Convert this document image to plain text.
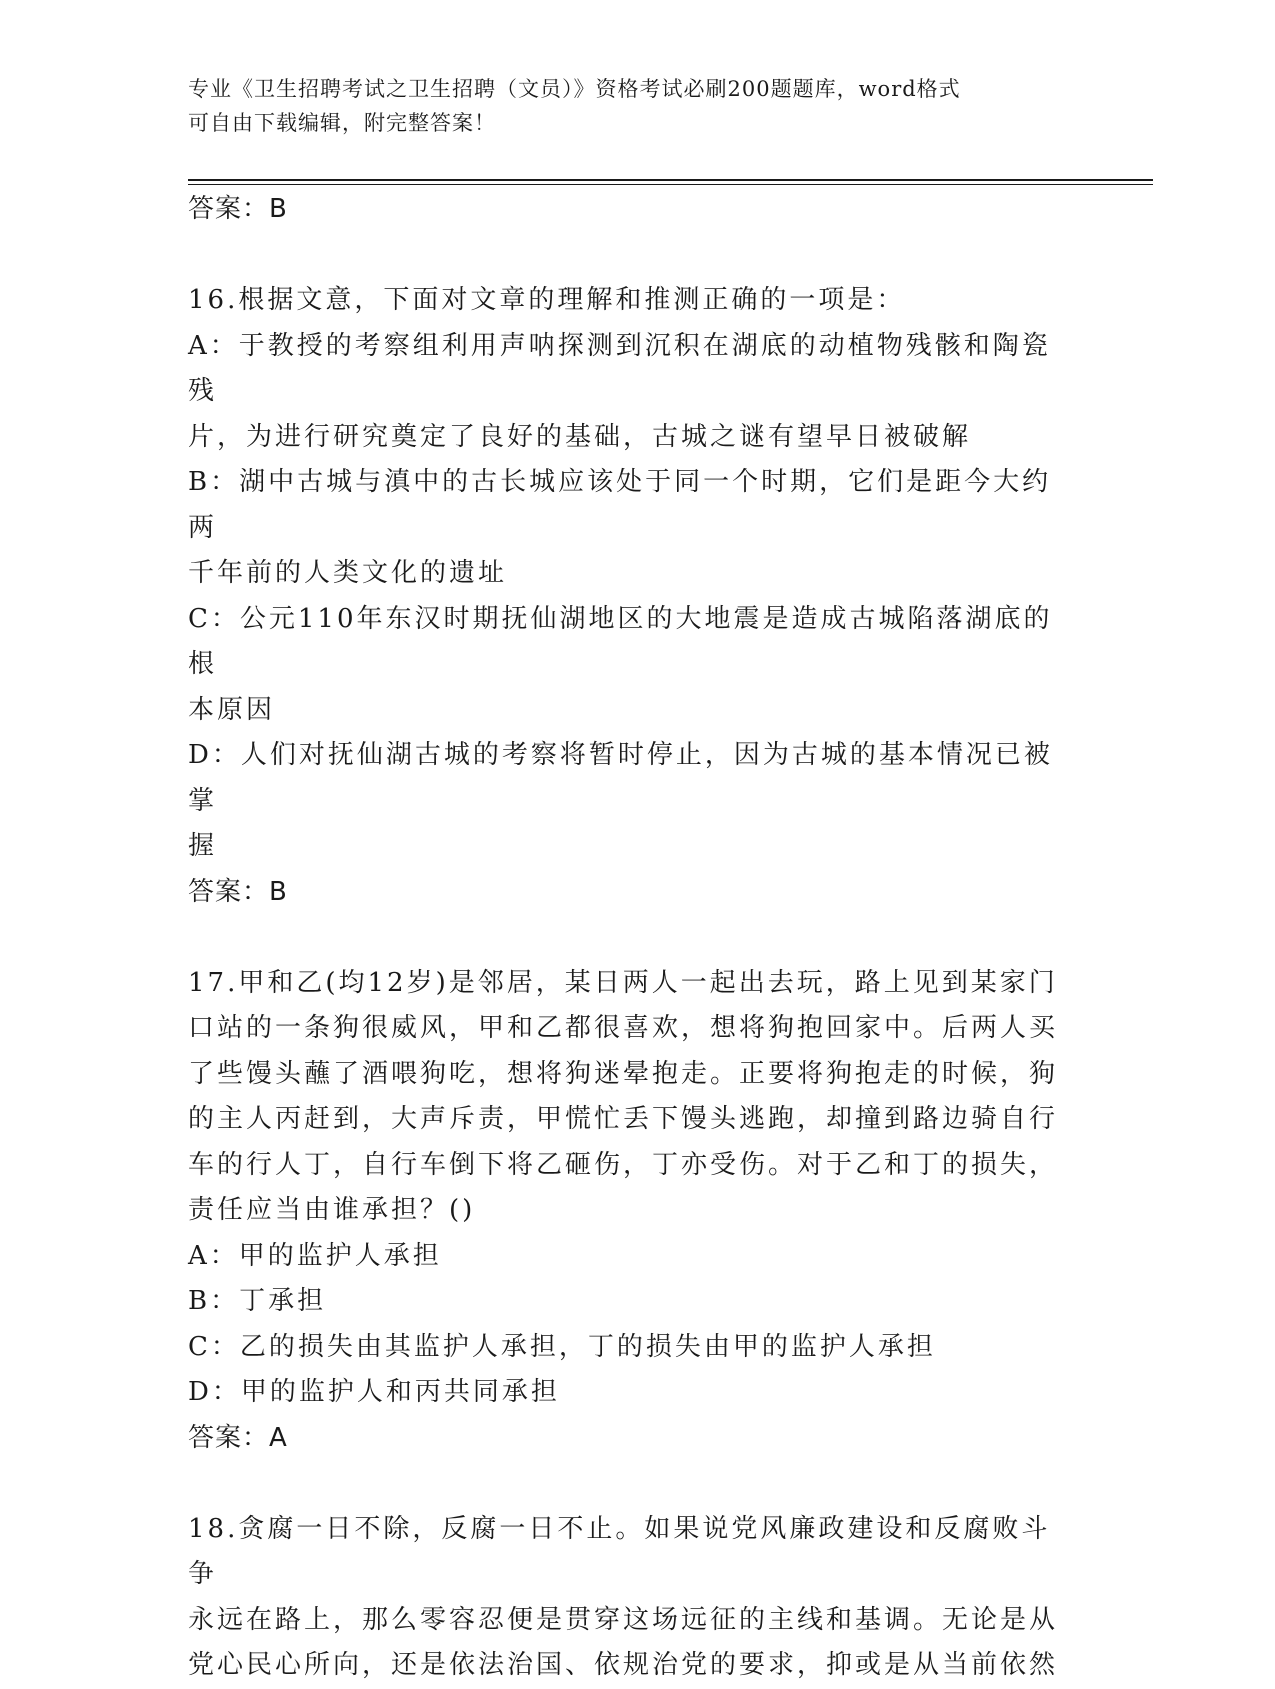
专业《卫生招聘考试之卫生招聘（文员）》资格考试必刷200题题库，word格式
可自由下载编辑，附完整答案！

答案：B

16.根据文意，下面对文章的理解和推测正确的一项是：

A：于教授的考察组利用声呐探测到沉积在湖底的动植物残骸和陶瓷残

片，为进行研究奠定了良好的基础，古城之谜有望早日被破解

B：湖中古城与滇中的古长城应该处于同一个时期，它们是距今大约两

千年前的人类文化的遗址

C：公元110年东汉时期抚仙湖地区的大地震是造成古城陷落湖底的根

本原因

D：人们对抚仙湖古城的考察将暂时停止，因为古城的基本情况已被掌

握

答案：B

17.甲和乙(均12岁)是邻居，某日两人一起出去玩，路上见到某家门

口站的一条狗很威风，甲和乙都很喜欢，想将狗抱回家中。后两人买

了些馒头蘸了酒喂狗吃，想将狗迷晕抱走。正要将狗抱走的时候，狗

的主人丙赶到，大声斥责，甲慌忙丢下馒头逃跑，却撞到路边骑自行

车的行人丁，自行车倒下将乙砸伤，丁亦受伤。对于乙和丁的损失，

责任应当由谁承担？()

A：甲的监护人承担

B：丁承担

C：乙的损失由其监护人承担，丁的损失由甲的监护人承担

D：甲的监护人和丙共同承担

答案：A

18.贪腐一日不除，反腐一日不止。如果说党风廉政建设和反腐败斗争

永远在路上，那么零容忍便是贯穿这场远征的主线和基调。无论是从

党心民心所向，还是依法治国、依规治党的要求，抑或是从当前依然
